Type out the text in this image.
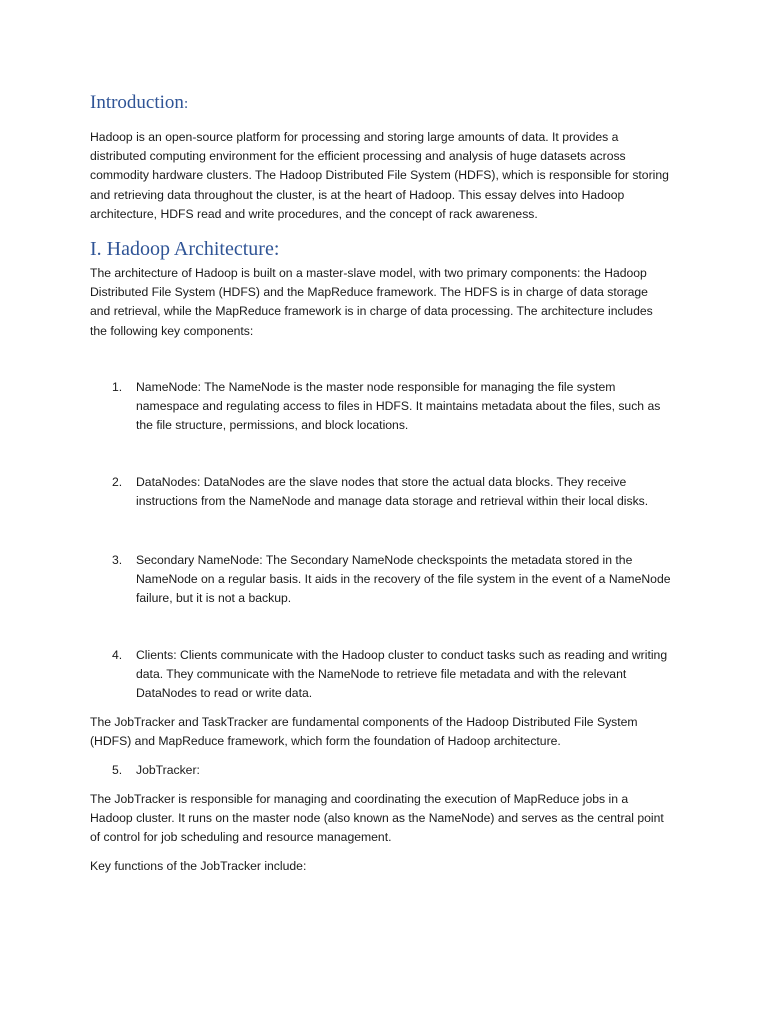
Introduction:

Hadoop is an open-source platform for processing and storing large amounts of data. It provides a distributed computing environment for the efficient processing and analysis of huge datasets across commodity hardware clusters. The Hadoop Distributed File System (HDFS), which is responsible for storing and retrieving data throughout the cluster, is at the heart of Hadoop. This essay delves into Hadoop architecture, HDFS read and write procedures, and the concept of rack awareness.

I. Hadoop Architecture:

The architecture of Hadoop is built on a master-slave model, with two primary components: the Hadoop Distributed File System (HDFS) and the MapReduce framework. The HDFS is in charge of data storage and retrieval, while the MapReduce framework is in charge of data processing. The architecture includes the following key components:

1.	NameNode: The NameNode is the master node responsible for managing the file system namespace and regulating access to files in HDFS. It maintains metadata about the files, such as the file structure, permissions, and block locations.
2.	DataNodes: DataNodes are the slave nodes that store the actual data blocks. They receive instructions from the NameNode and manage data storage and retrieval within their local disks.
3.	Secondary NameNode: The Secondary NameNode checkspoints the metadata stored in the NameNode on a regular basis. It aids in the recovery of the file system in the event of a NameNode failure, but it is not a backup.
4.	Clients: Clients communicate with the Hadoop cluster to conduct tasks such as reading and writing data. They communicate with the NameNode to retrieve file metadata and with the relevant DataNodes to read or write data.

The JobTracker and TaskTracker are fundamental components of the Hadoop Distributed File System (HDFS) and MapReduce framework, which form the foundation of Hadoop architecture.

5.	JobTracker:

The JobTracker is responsible for managing and coordinating the execution of MapReduce jobs in a Hadoop cluster. It runs on the master node (also known as the NameNode) and serves as the central point of control for job scheduling and resource management.

Key functions of the JobTracker include:
